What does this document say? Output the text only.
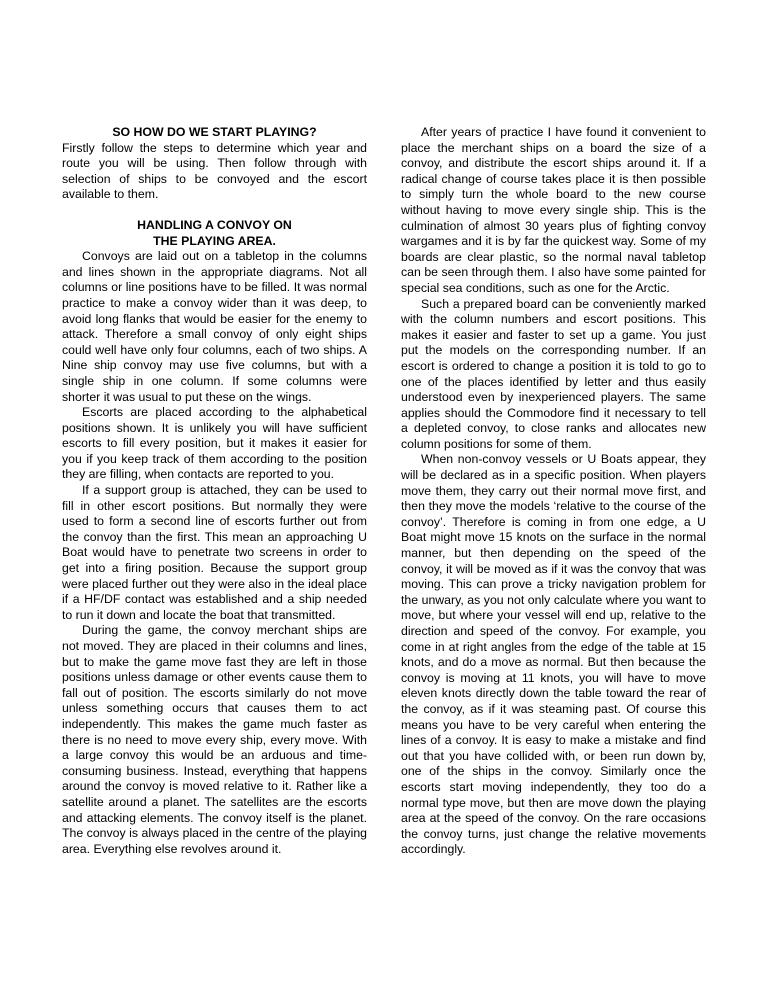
SO HOW DO WE START PLAYING?

Firstly follow the steps to determine which year and route you will be using. Then follow through with selection of ships to be convoyed and the escort available to them.

HANDLING A CONVOY ON
THE PLAYING AREA.

Convoys are laid out on a tabletop in the columns and lines shown in the appropriate diagrams. Not all columns or line positions have to be filled. It was normal practice to make a convoy wider than it was deep, to avoid long flanks that would be easier for the enemy to attack. Therefore a small convoy of only eight ships could well have only four columns, each of two ships. A Nine ship convoy may use five columns, but with a single ship in one column. If some columns were shorter it was usual to put these on the wings.

Escorts are placed according to the alphabetical positions shown. It is unlikely you will have sufficient escorts to fill every position, but it makes it easier for you if you keep track of them according to the position they are filling, when contacts are reported to you.

If a support group is attached, they can be used to fill in other escort positions. But normally they were used to form a second line of escorts further out from the convoy than the first. This mean an approaching U Boat would have to penetrate two screens in order to get into a firing position. Because the support group were placed further out they were also in the ideal place if a HF/DF contact was established and a ship needed to run it down and locate the boat that transmitted.

During the game, the convoy merchant ships are not moved. They are placed in their columns and lines, but to make the game move fast they are left in those positions unless damage or other events cause them to fall out of position. The escorts similarly do not move unless something occurs that causes them to act independently. This makes the game much faster as there is no need to move every ship, every move. With a large convoy this would be an arduous and time-consuming business. Instead, everything that happens around the convoy is moved relative to it. Rather like a satellite around a planet. The satellites are the escorts and attacking elements. The convoy itself is the planet. The convoy is always placed in the centre of the playing area. Everything else revolves around it.

After years of practice I have found it convenient to place the merchant ships on a board the size of a convoy, and distribute the escort ships around it. If a radical change of course takes place it is then possible to simply turn the whole board to the new course without having to move every single ship. This is the culmination of almost 30 years plus of fighting convoy wargames and it is by far the quickest way. Some of my boards are clear plastic, so the normal naval tabletop can be seen through them. I also have some painted for special sea conditions, such as one for the Arctic.

Such a prepared board can be conveniently marked with the column numbers and escort positions. This makes it easier and faster to set up a game. You just put the models on the corresponding number. If an escort is ordered to change a position it is told to go to one of the places identified by letter and thus easily understood even by inexperienced players. The same applies should the Commodore find it necessary to tell a depleted convoy, to close ranks and allocates new column positions for some of them.

When non-convoy vessels or U Boats appear, they will be declared as in a specific position. When players move them, they carry out their normal move first, and then they move the models ‘relative to the course of the convoy’. Therefore is coming in from one edge, a U Boat might move 15 knots on the surface in the normal manner, but then depending on the speed of the convoy, it will be moved as if it was the convoy that was moving. This can prove a tricky navigation problem for the unwary, as you not only calculate where you want to move, but where your vessel will end up, relative to the direction and speed of the convoy. For example, you come in at right angles from the edge of the table at 15 knots, and do a move as normal. But then because the convoy is moving at 11 knots, you will have to move eleven knots directly down the table toward the rear of the convoy, as if it was steaming past. Of course this means you have to be very careful when entering the lines of a convoy. It is easy to make a mistake and find out that you have collided with, or been run down by, one of the ships in the convoy. Similarly once the escorts start moving independently, they too do a normal type move, but then are move down the playing area at the speed of the convoy. On the rare occasions the convoy turns, just change the relative movements accordingly.
